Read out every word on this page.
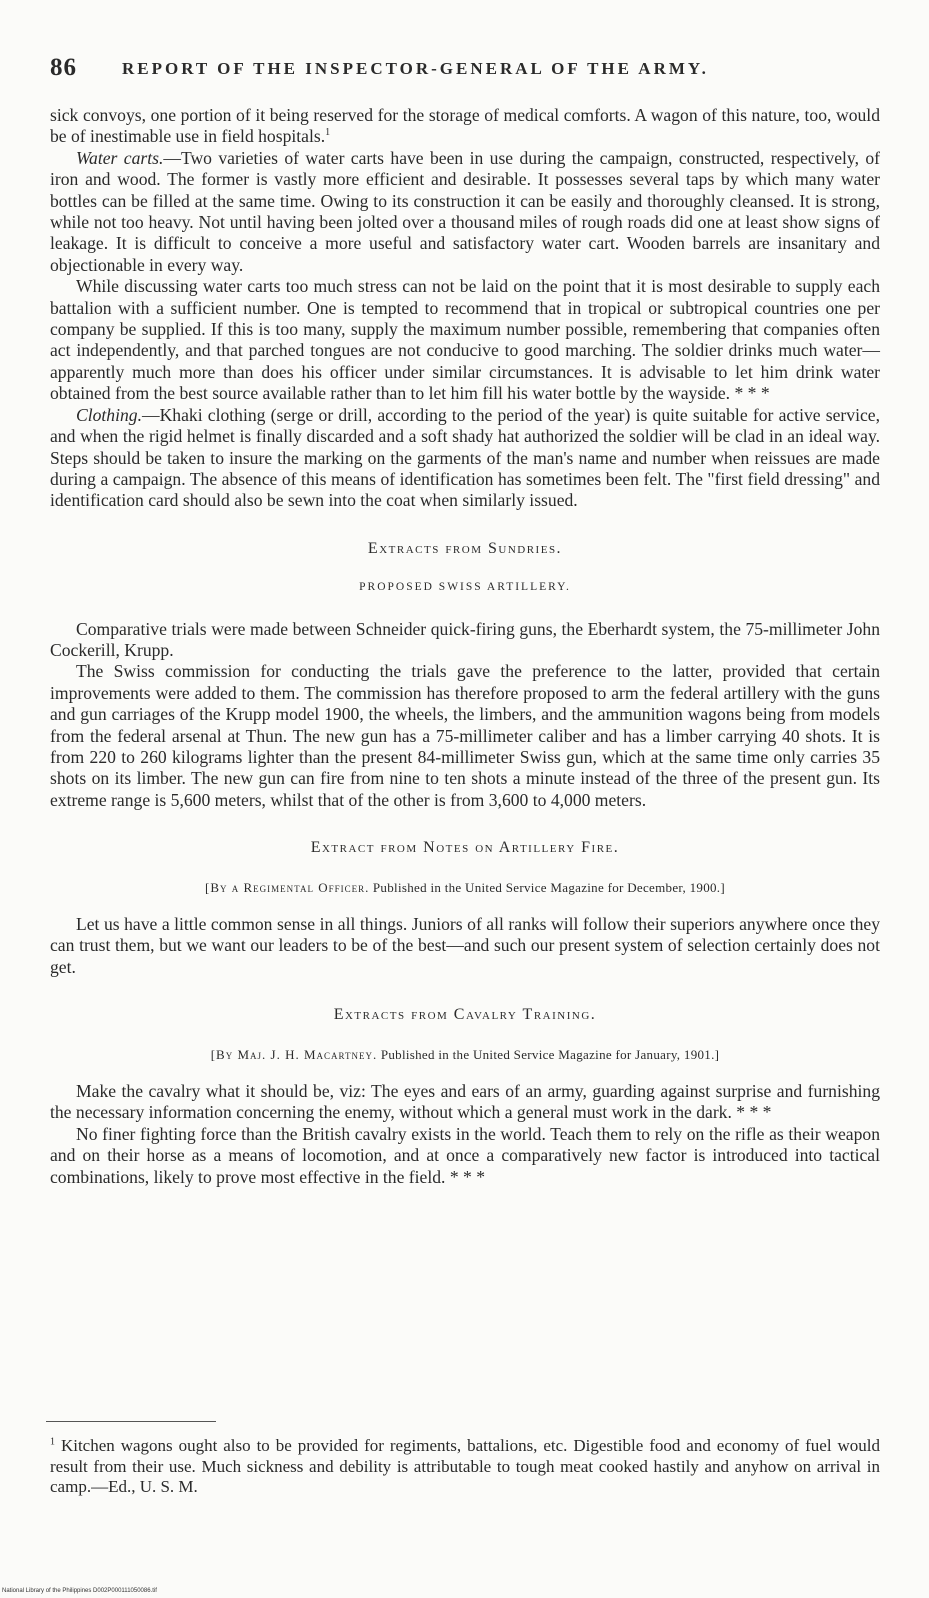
86	REPORT OF THE INSPECTOR-GENERAL OF THE ARMY.

sick convoys, one portion of it being reserved for the storage of medical comforts. A wagon of this nature, too, would be of inestimable use in field hospitals.$^1$

Water carts.—Two varieties of water carts have been in use during the campaign, constructed, respectively, of iron and wood. The former is vastly more efficient and desirable. It possesses several taps by which many water bottles can be filled at the same time. Owing to its construction it can be easily and thoroughly cleansed. It is strong, while not too heavy. Not until having been jolted over a thousand miles of rough roads did one at least show signs of leakage. It is difficult to conceive a more useful and satisfactory water cart. Wooden barrels are insanitary and objectionable in every way.

While discussing water carts too much stress can not be laid on the point that it is most desirable to supply each battalion with a sufficient number. One is tempted to recommend that in tropical or subtropical countries one per company be supplied. If this is too many, supply the maximum number possible, remembering that companies often act independently, and that parched tongues are not conducive to good marching. The soldier drinks much water—apparently much more than does his officer under similar circumstances. It is advisable to let him drink water obtained from the best source available rather than to let him fill his water bottle by the wayside. * * *

Clothing.—Khaki clothing (serge or drill, according to the period of the year) is quite suitable for active service, and when the rigid helmet is finally discarded and a soft shady hat authorized the soldier will be clad in an ideal way. Steps should be taken to insure the marking on the garments of the man's name and number when reissues are made during a campaign. The absence of this means of identification has sometimes been felt. The "first field dressing" and identification card should also be sewn into the coat when similarly issued.

Extracts from Sundries.
PROPOSED SWISS ARTILLERY.

Comparative trials were made between Schneider quick-firing guns, the Eberhardt system, the 75-millimeter John Cockerill, Krupp.

The Swiss commission for conducting the trials gave the preference to the latter, provided that certain improvements were added to them. The commission has therefore proposed to arm the federal artillery with the guns and gun carriages of the Krupp model 1900, the wheels, the limbers, and the ammunition wagons being from models from the federal arsenal at Thun. The new gun has a 75-millimeter caliber and has a limber carrying 40 shots. It is from 220 to 260 kilograms lighter than the present 84-millimeter Swiss gun, which at the same time only carries 35 shots on its limber. The new gun can fire from nine to ten shots a minute instead of the three of the present gun. Its extreme range is 5,600 meters, whilst that of the other is from 3,600 to 4,000 meters.

Extract from Notes on Artillery Fire.

[By a Regimental Officer. Published in the United Service Magazine for December, 1900.]

Let us have a little common sense in all things. Juniors of all ranks will follow their superiors anywhere once they can trust them, but we want our leaders to be of the best—and such our present system of selection certainly does not get.

Extracts from Cavalry Training.

[By Maj. J. H. Macartney. Published in the United Service Magazine for January, 1901.]

Make the cavalry what it should be, viz: The eyes and ears of an army, guarding against surprise and furnishing the necessary information concerning the enemy, without which a general must work in the dark. * * *

No finer fighting force than the British cavalry exists in the world. Teach them to rely on the rifle as their weapon and on their horse as a means of locomotion, and at once a comparatively new factor is introduced into tactical combinations, likely to prove most effective in the field. * * *

$^1$ Kitchen wagons ought also to be provided for regiments, battalions, etc. Digestible food and economy of fuel would result from their use. Much sickness and debility is attributable to tough meat cooked hastily and anyhow on arrival in camp.—Ed., U. S. M.

National Library of the Philippines D002P000111050086.tif
